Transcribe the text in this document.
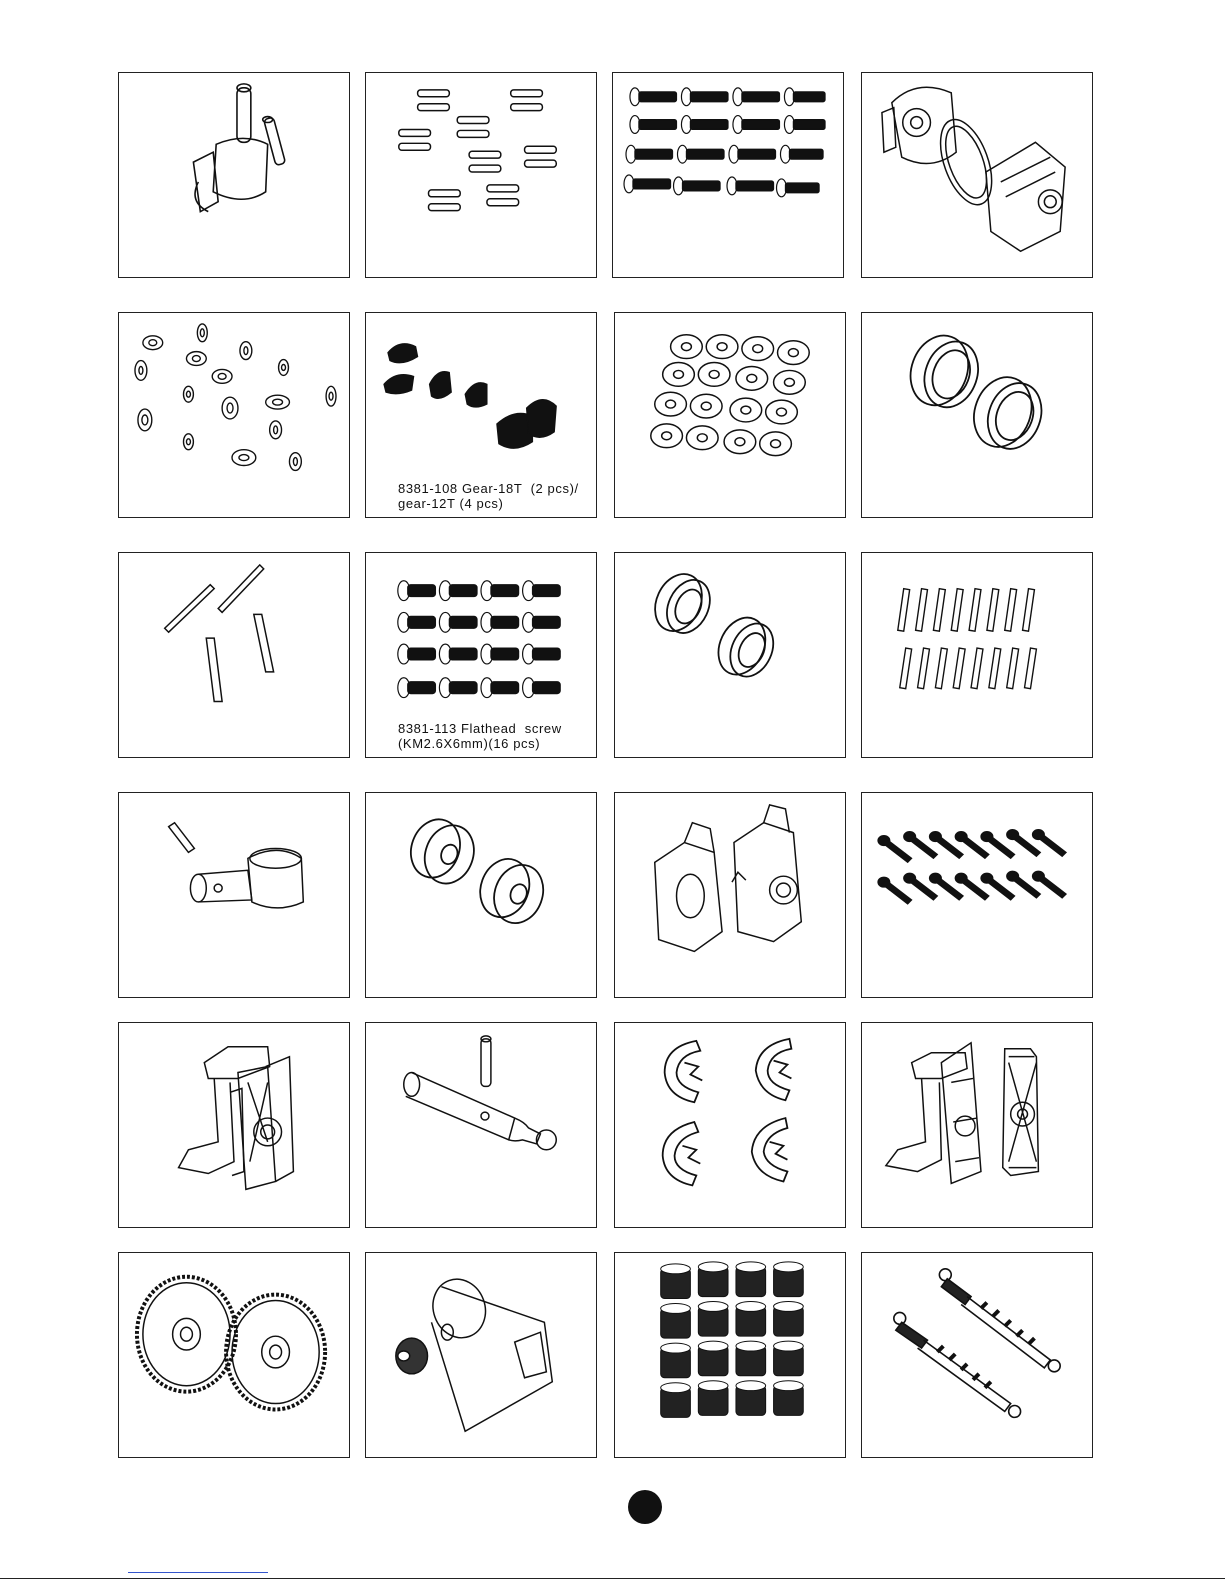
8381-108 Gear-18T  (2 pcs)/
gear-12T (4 pcs)
8381-113 Flathead  screw
(KM2.6X6mm)(16 pcs)
